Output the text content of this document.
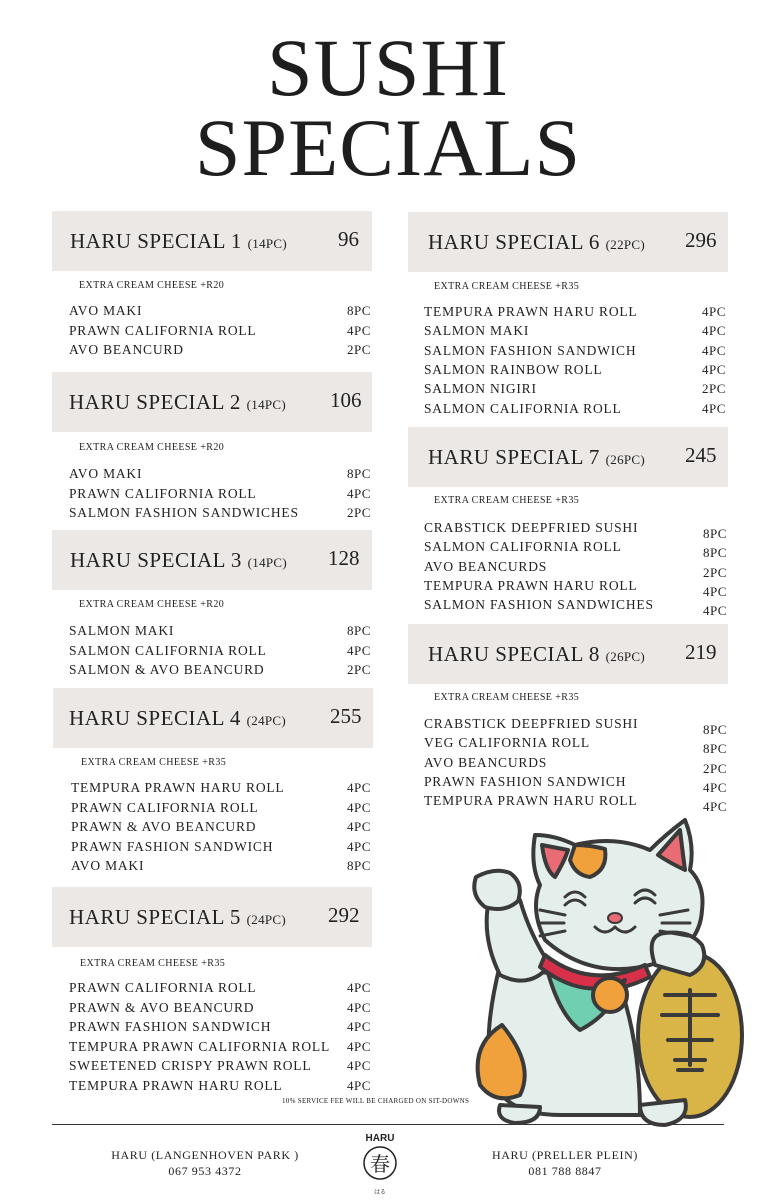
SUSHI
SPECIALS
HARU SPECIAL 1 (14PC) 96
EXTRA CREAM CHEESE +R20
AVO MAKI	8PC
PRAWN CALIFORNIA ROLL	4PC
AVO BEANCURD	2PC
HARU SPECIAL 2 (14PC) 106
EXTRA CREAM CHEESE +R20
AVO MAKI	8PC
PRAWN CALIFORNIA ROLL	4PC
SALMON FASHION SANDWICHES	2PC
HARU SPECIAL 3 (14PC) 128
EXTRA CREAM CHEESE +R20
SALMON MAKI	8PC
SALMON CALIFORNIA ROLL	4PC
SALMON & AVO BEANCURD	2PC
HARU SPECIAL 4 (24PC) 255
EXTRA CREAM CHEESE +R35
TEMPURA PRAWN HARU ROLL	4PC
PRAWN CALIFORNIA ROLL	4PC
PRAWN & AVO BEANCURD	4PC
PRAWN FASHION SANDWICH	4PC
AVO MAKI	8PC
HARU SPECIAL 5 (24PC) 292
EXTRA CREAM CHEESE +R35
PRAWN CALIFORNIA ROLL	4PC
PRAWN & AVO BEANCURD	4PC
PRAWN FASHION SANDWICH	4PC
TEMPURA PRAWN CALIFORNIA ROLL 4PC
SWEETENED CRISPY PRAWN ROLL	4PC
TEMPURA PRAWN HARU ROLL	4PC
HARU SPECIAL 6 (22PC) 296
EXTRA CREAM CHEESE +R35
TEMPURA PRAWN HARU ROLL	4PC
SALMON MAKI	4PC
SALMON FASHION SANDWICH	4PC
SALMON RAINBOW ROLL	4PC
SALMON NIGIRI	2PC
SALMON CALIFORNIA ROLL	4PC
HARU SPECIAL 7 (26PC) 245
EXTRA CREAM CHEESE +R35
CRABSTICK DEEPFRIED SUSHI	8PC
SALMON CALIFORNIA ROLL	8PC
AVO BEANCURDS	2PC
TEMPURA PRAWN HARU ROLL	4PC
SALMON FASHION SANDWICHES	4PC
HARU SPECIAL 8 (26PC) 219
EXTRA CREAM CHEESE +R35
CRABSTICK DEEPFRIED SUSHI	8PC
VEG CALIFORNIA ROLL	8PC
AVO BEANCURDS	2PC
PRAWN FASHION SANDWICH	4PC
TEMPURA PRAWN HARU ROLL	4PC
10% SERVICE FEE WILL BE CHARGED ON SIT-DOWNS
HARU (LANGENHOVEN PARK )
067 953 4372
HARU (PRELLER PLEIN)
081 788 8847
HARU
春
はる
